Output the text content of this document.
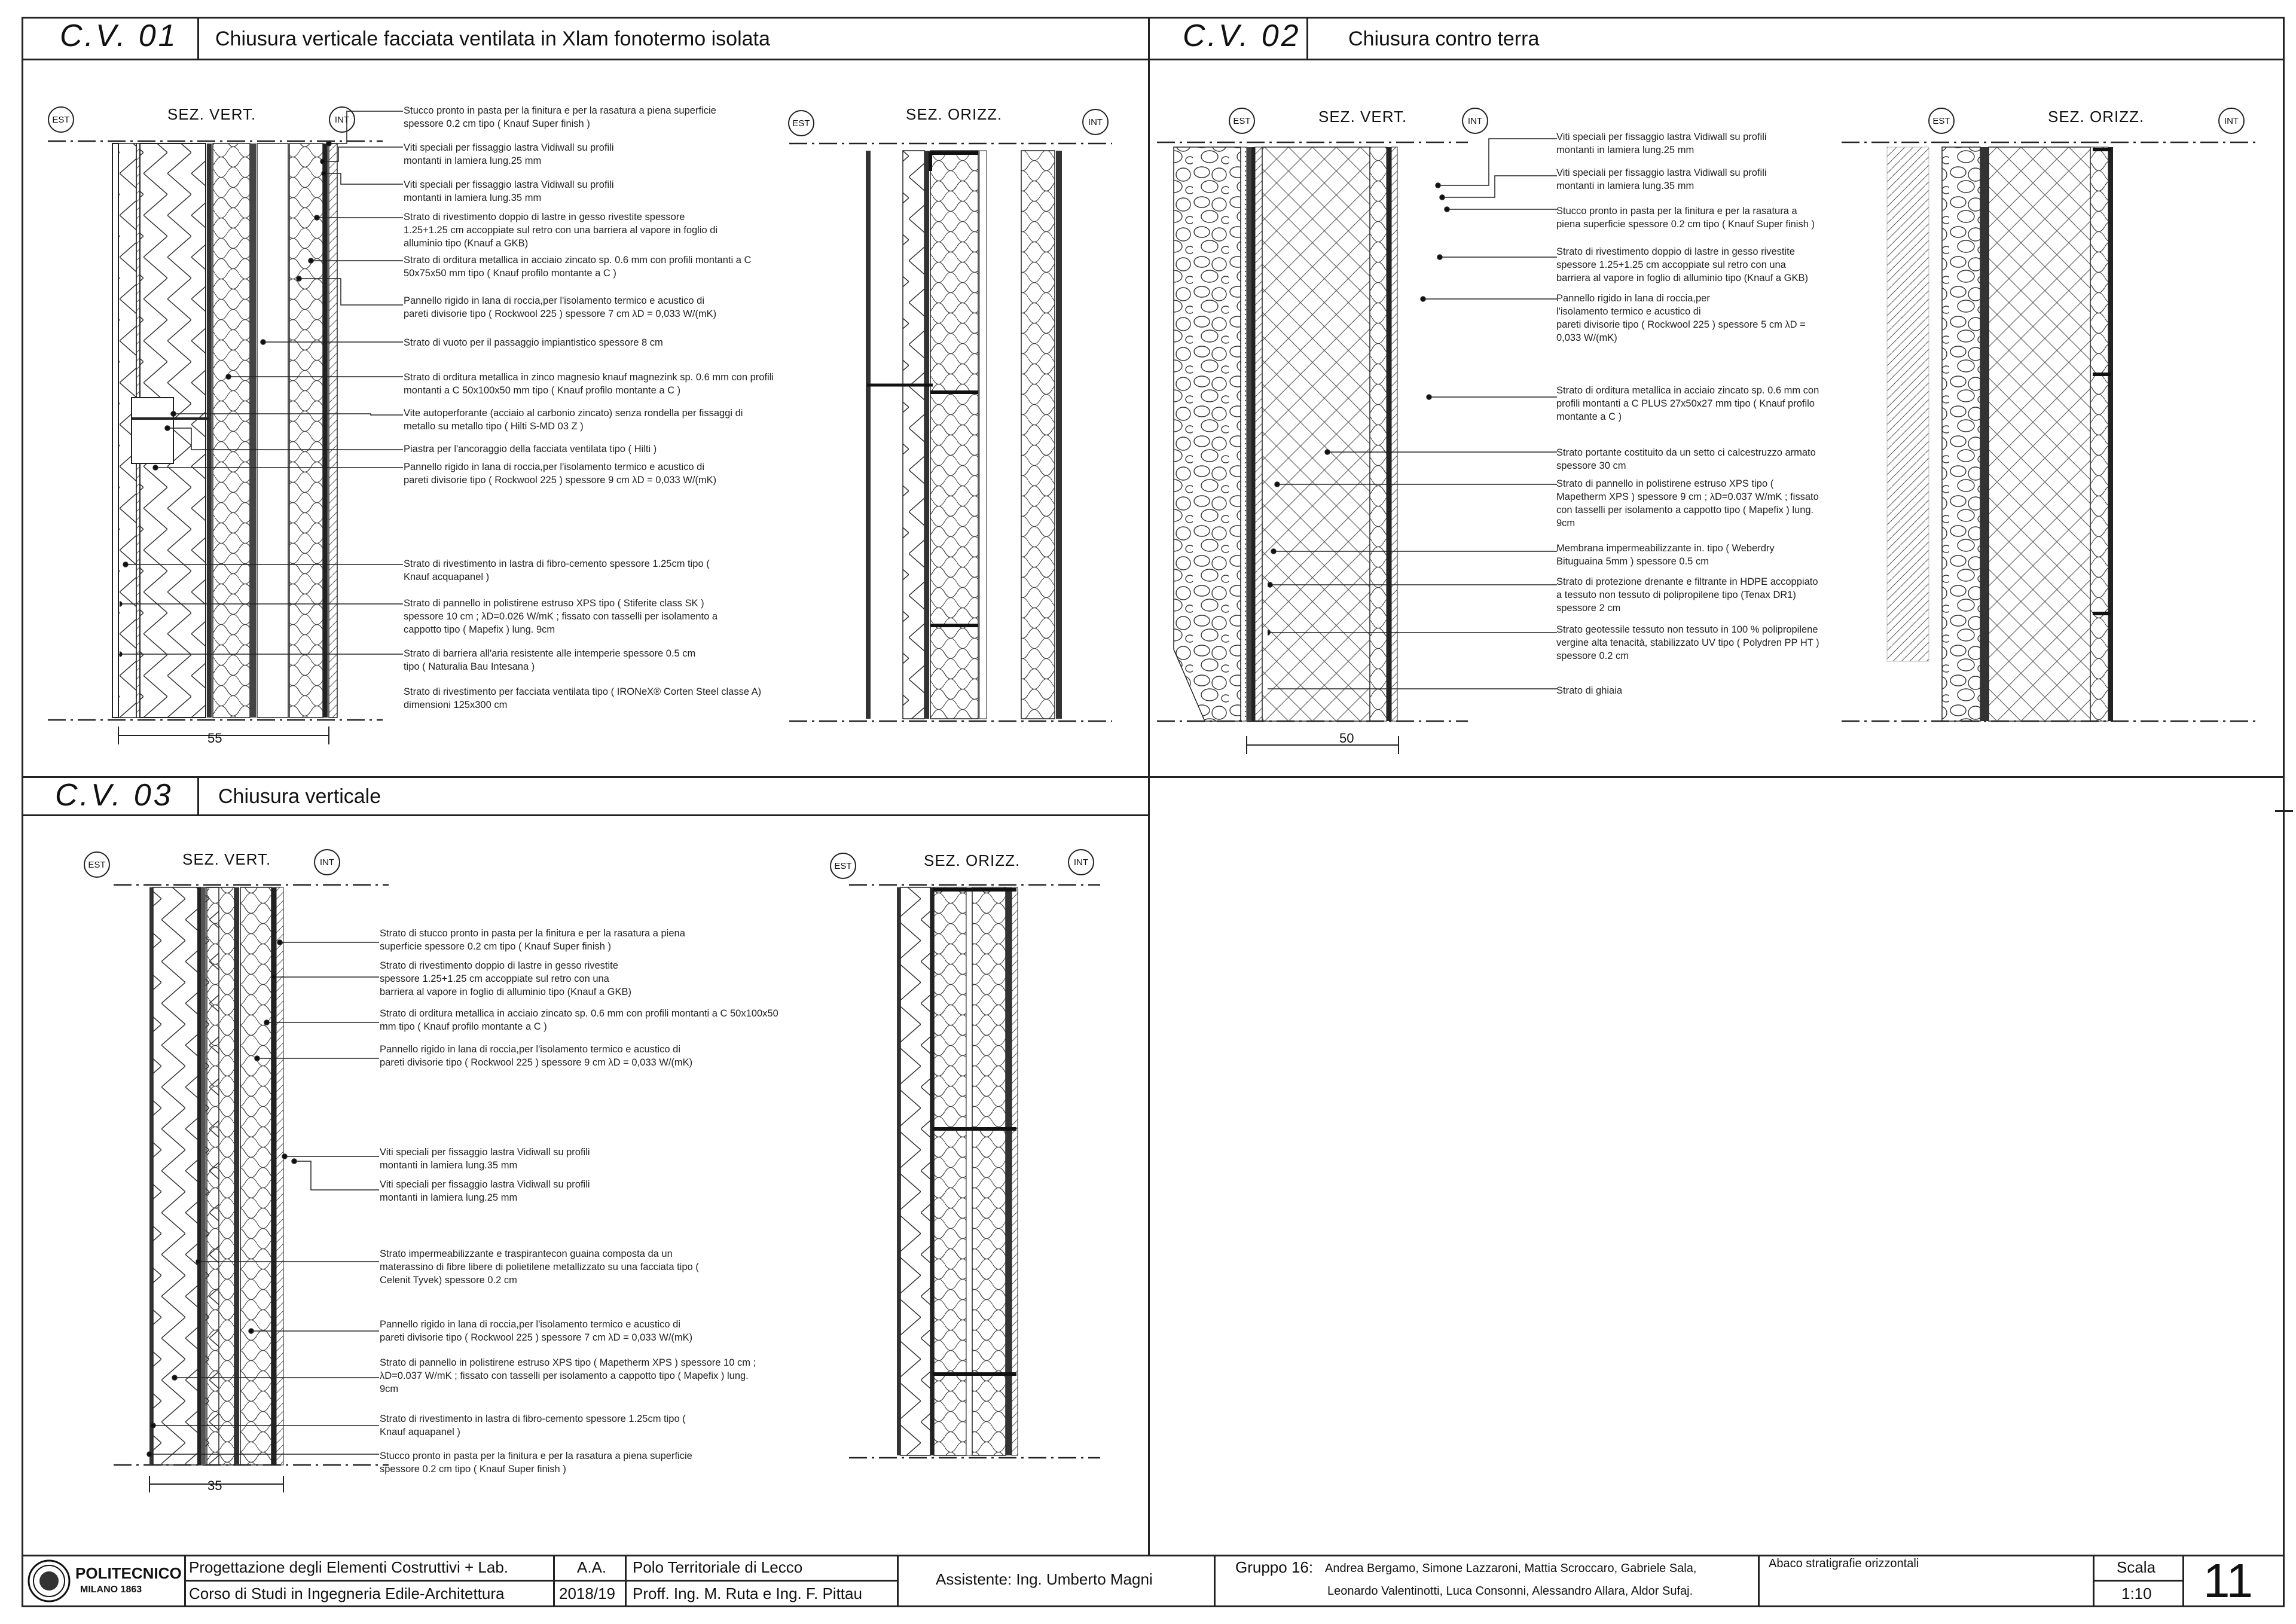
C.V. 01 Chiusura verticale facciata ventilata in Xlam fonotermo isolata	C.V. 02 Chiusura contro terra
C.V. 03 Chiusura verticale
EST	SEZ. VERT.	INT	EST	SEZ. ORIZZ.	INT
55
Stucco pronto in pasta per la finitura e per la rasatura a piena superficie
spessore 0.2 cm tipo ( Knauf Super finish )
Viti speciali per fissaggio lastra Vidiwall su profili
montanti in lamiera lung.25 mm
Viti speciali per fissaggio lastra Vidiwall su profili
montanti in lamiera lung.35 mm
Strato di rivestimento doppio di lastre in gesso rivestite spessore
1.25+1.25 cm accoppiate sul retro con una barriera al vapore in foglio di
alluminio tipo (Knauf a GKB)
Strato di orditura metallica in acciaio zincato sp. 0.6 mm con profili montanti a C
50x75x50 mm tipo ( Knauf profilo montante a C )
Pannello rigido in lana di roccia,per l'isolamento termico e acustico di
pareti divisorie tipo ( Rockwool 225 ) spessore 7 cm λD = 0,033 W/(mK)
Strato di vuoto per il passaggio impiantistico spessore 8 cm
Strato di orditura metallica in zinco magnesio knauf magnezink sp. 0.6 mm con profili
montanti a C 50x100x50 mm tipo ( Knauf profilo montante a C )
Vite autoperforante (acciaio al carbonio zincato) senza rondella per fissaggi di
metallo su metallo tipo ( Hilti S-MD 03 Z )
Piastra per l'ancoraggio della facciata ventilata tipo ( Hilti )
Pannello rigido in lana di roccia,per l'isolamento termico e acustico di
pareti divisorie tipo ( Rockwool 225 ) spessore 9 cm λD = 0,033 W/(mK)
Strato di rivestimento in lastra di fibro-cemento spessore 1.25cm tipo (
Knauf acquapanel )
Strato di pannello in polistirene estruso XPS tipo ( Stiferite class SK )
spessore 10 cm ; λD=0.026 W/mK ; fissato con tasselli per isolamento a
cappotto tipo ( Mapefix ) lung. 9cm
Strato di barriera all'aria resistente alle intemperie spessore 0.5 cm
tipo ( Naturalia Bau Intesana )
Strato di rivestimento per facciata ventilata tipo ( IRONeX® Corten Steel classe A)
dimensioni 125x300 cm
EST	SEZ. VERT.	INT	EST	SEZ. ORIZZ.	INT
50
Viti speciali per fissaggio lastra Vidiwall su profili
montanti in lamiera lung.25 mm
Viti speciali per fissaggio lastra Vidiwall su profili
montanti in lamiera lung.35 mm
Stucco pronto in pasta per la finitura e per la rasatura a
piena superficie spessore 0.2 cm tipo ( Knauf Super finish )
Strato di rivestimento doppio di lastre in gesso rivestite
spessore 1.25+1.25 cm accoppiate sul retro con una
barriera al vapore in foglio di alluminio tipo (Knauf a GKB)
Pannello rigido in lana di roccia,per
l'isolamento termico e acustico di
pareti divisorie tipo ( Rockwool 225 ) spessore 5 cm λD =
0,033 W/(mK)
Strato di orditura metallica in acciaio zincato sp. 0.6 mm con
profili montanti a C PLUS 27x50x27 mm tipo ( Knauf profilo
montante a C )
Strato portante costituito da un setto ci calcestruzzo armato
spessore 30 cm
Strato di pannello in polistirene estruso XPS tipo (
Mapetherm XPS ) spessore 9 cm ; λD=0.037 W/mK ; fissato
con tasselli per isolamento a cappotto tipo ( Mapefix ) lung.
9cm
Membrana impermeabilizzante in. tipo ( Weberdry
Bituguaina 5mm ) spessore 0.5 cm
Strato di protezione drenante e filtrante in HDPE accoppiato
a tessuto non tessuto di polipropilene tipo (Tenax DR1)
spessore 2 cm
Strato geotessile tessuto non tessuto in 100 % polipropilene
vergine alta tenacità, stabilizzato UV tipo ( Polydren PP HT )
spessore 0.2 cm
Strato di ghiaia
EST	SEZ. VERT.	INT	EST	SEZ. ORIZZ.	INT
35
Strato di stucco pronto in pasta per la finitura e per la rasatura a piena
superficie spessore 0.2 cm tipo ( Knauf Super finish )
Strato di rivestimento doppio di lastre in gesso rivestite
spessore 1.25+1.25 cm accoppiate sul retro con una
barriera al vapore in foglio di alluminio tipo (Knauf a GKB)
Strato di orditura metallica in acciaio zincato sp. 0.6 mm con profili montanti a C 50x100x50
mm tipo ( Knauf profilo montante a C )
Pannello rigido in lana di roccia,per l'isolamento termico e acustico di
pareti divisorie tipo ( Rockwool 225 ) spessore 9 cm λD = 0,033 W/(mK)
Viti speciali per fissaggio lastra Vidiwall su profili
montanti in lamiera lung.35 mm
Viti speciali per fissaggio lastra Vidiwall su profili
montanti in lamiera lung.25 mm
Strato impermeabilizzante e traspirantecon guaina composta da un
materassino di fibre libere di polietilene metallizzato su una facciata tipo (
Celenit Tyvek) spessore 0.2 cm
Pannello rigido in lana di roccia,per l'isolamento termico e acustico di
pareti divisorie tipo ( Rockwool 225 ) spessore 7 cm λD = 0,033 W/(mK)
Strato di pannello in polistirene estruso XPS tipo ( Mapetherm XPS ) spessore 10 cm ;
λD=0.037 W/mK ; fissato con tasselli per isolamento a cappotto tipo ( Mapefix ) lung.
9cm
Strato di rivestimento in lastra di fibro-cemento spessore 1.25cm tipo (
Knauf aquapanel )
Stucco pronto in pasta per la finitura e per la rasatura a piena superficie
spessore 0.2 cm tipo ( Knauf Super finish )
POLITECNICO
MILANO 1863
Progettazione degli Elementi Costruttivi + Lab.
Corso di Studi in Ingegneria Edile-Architettura
A.A.
2018/19
Polo Territoriale di Lecco
Proff. Ing. M. Ruta e Ing. F. Pittau
Assistente: Ing. Umberto Magni
Gruppo 16: Andrea Bergamo, Simone Lazzaroni, Mattia Scroccaro, Gabriele Sala,
Leonardo Valentinotti, Luca Consonni, Alessandro Allara, Aldor Sufaj.
Abaco stratigrafie orizzontali	Scala
1:10 11
